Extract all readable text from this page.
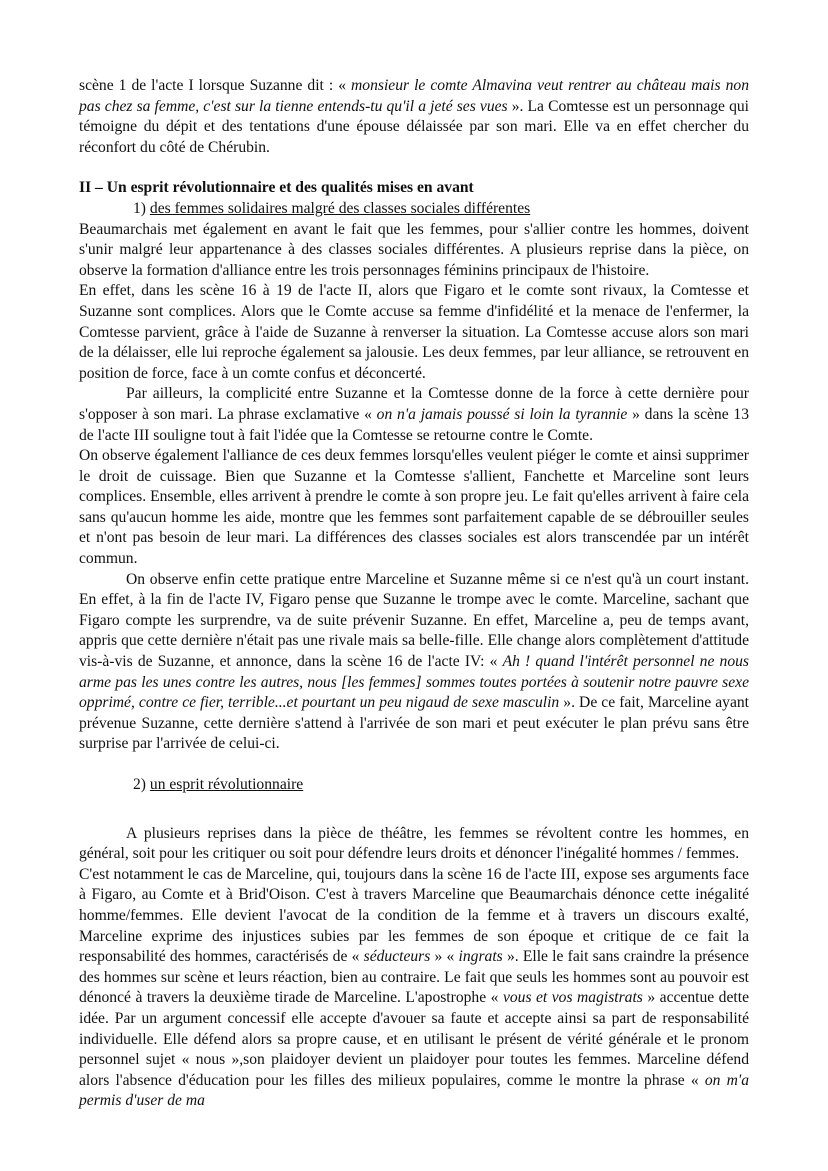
scène 1 de l'acte I lorsque Suzanne dit : « monsieur le comte Almavina veut rentrer au château mais non pas chez sa femme, c'est sur la tienne entends-tu qu'il a jeté ses vues ». La Comtesse est un personnage qui témoigne du dépit et des tentations d'une épouse délaissée par son mari. Elle va en effet chercher du réconfort du côté de Chérubin.

II – Un esprit révolutionnaire et des qualités mises en avant

1) des femmes solidaires malgré des classes sociales différentes

Beaumarchais met également en avant le fait que les femmes, pour s'allier contre les hommes, doivent s'unir malgré leur appartenance à des classes sociales différentes. A plusieurs reprise dans la pièce, on observe la formation d'alliance entre les trois personnages féminins principaux de l'histoire.

En effet, dans les scène 16 à 19 de l'acte II, alors que Figaro et le comte sont rivaux, la Comtesse et Suzanne sont complices. Alors que le Comte accuse sa femme d'infidélité et la menace de l'enfermer, la Comtesse parvient, grâce à l'aide de Suzanne à renverser la situation. La Comtesse accuse alors son mari de la délaisser, elle lui reproche également sa jalousie. Les deux femmes, par leur alliance, se retrouvent en position de force, face à un comte confus et déconcerté.

Par ailleurs, la complicité entre Suzanne et la Comtesse donne de la force à cette dernière pour s'opposer à son mari. La phrase exclamative « on n'a jamais poussé si loin la tyrannie » dans la scène 13 de l'acte III souligne tout à fait l'idée que la Comtesse se retourne contre le Comte.

On observe également l'alliance de ces deux femmes lorsqu'elles veulent piéger le comte et ainsi supprimer le droit de cuissage. Bien que Suzanne et la Comtesse s'allient, Fanchette et Marceline sont leurs complices. Ensemble, elles arrivent à prendre le comte à son propre jeu. Le fait qu'elles arrivent à faire cela sans qu'aucun homme les aide, montre que les femmes sont parfaitement capable de se débrouiller seules et n'ont pas besoin de leur mari. La différences des classes sociales est alors transcendée par un intérêt commun.

On observe enfin cette pratique entre Marceline et Suzanne même si ce n'est qu'à un court instant. En effet, à la fin de l'acte IV, Figaro pense que Suzanne le trompe avec le comte. Marceline, sachant que Figaro compte les surprendre, va de suite prévenir Suzanne. En effet, Marceline a, peu de temps avant, appris que cette dernière n'était pas une rivale mais sa belle-fille. Elle change alors complètement d'attitude vis-à-vis de Suzanne, et annonce, dans la scène 16 de l'acte IV: « Ah ! quand l'intérêt personnel ne nous arme pas les unes contre les autres, nous [les femmes] sommes toutes portées à soutenir notre pauvre sexe opprimé, contre ce fier, terrible...et pourtant un peu nigaud de sexe masculin ». De ce fait, Marceline ayant prévenue Suzanne, cette dernière s'attend à l'arrivée de son mari et peut exécuter le plan prévu sans être surprise par l'arrivée de celui-ci.

2) un esprit révolutionnaire

A plusieurs reprises dans la pièce de théâtre, les femmes se révoltent contre les hommes, en général, soit pour les critiquer ou soit pour défendre leurs droits et dénoncer l'inégalité hommes / femmes.

C'est notamment le cas de Marceline, qui, toujours dans la scène 16 de l'acte III, expose ses arguments face à Figaro, au Comte et à Brid'Oison. C'est à travers Marceline que Beaumarchais dénonce cette inégalité homme/femmes. Elle devient l'avocat de la condition de la femme et à travers un discours exalté, Marceline exprime des injustices subies par les femmes de son époque et critique de ce fait la responsabilité des hommes, caractérisés de « séducteurs » « ingrats ». Elle le fait sans craindre la présence des hommes sur scène et leurs réaction, bien au contraire. Le fait que seuls les hommes sont au pouvoir est dénoncé à travers la deuxième tirade de Marceline. L'apostrophe « vous et vos magistrats » accentue dette idée. Par un argument concessif elle accepte d'avouer sa faute et accepte ainsi sa part de responsabilité individuelle. Elle défend alors sa propre cause, et en utilisant le présent de vérité générale et le pronom personnel sujet « nous »,son plaidoyer devient un plaidoyer pour toutes les femmes. Marceline défend alors l'absence d'éducation pour les filles des milieux populaires, comme le montre la phrase « on m'a permis d'user de ma
